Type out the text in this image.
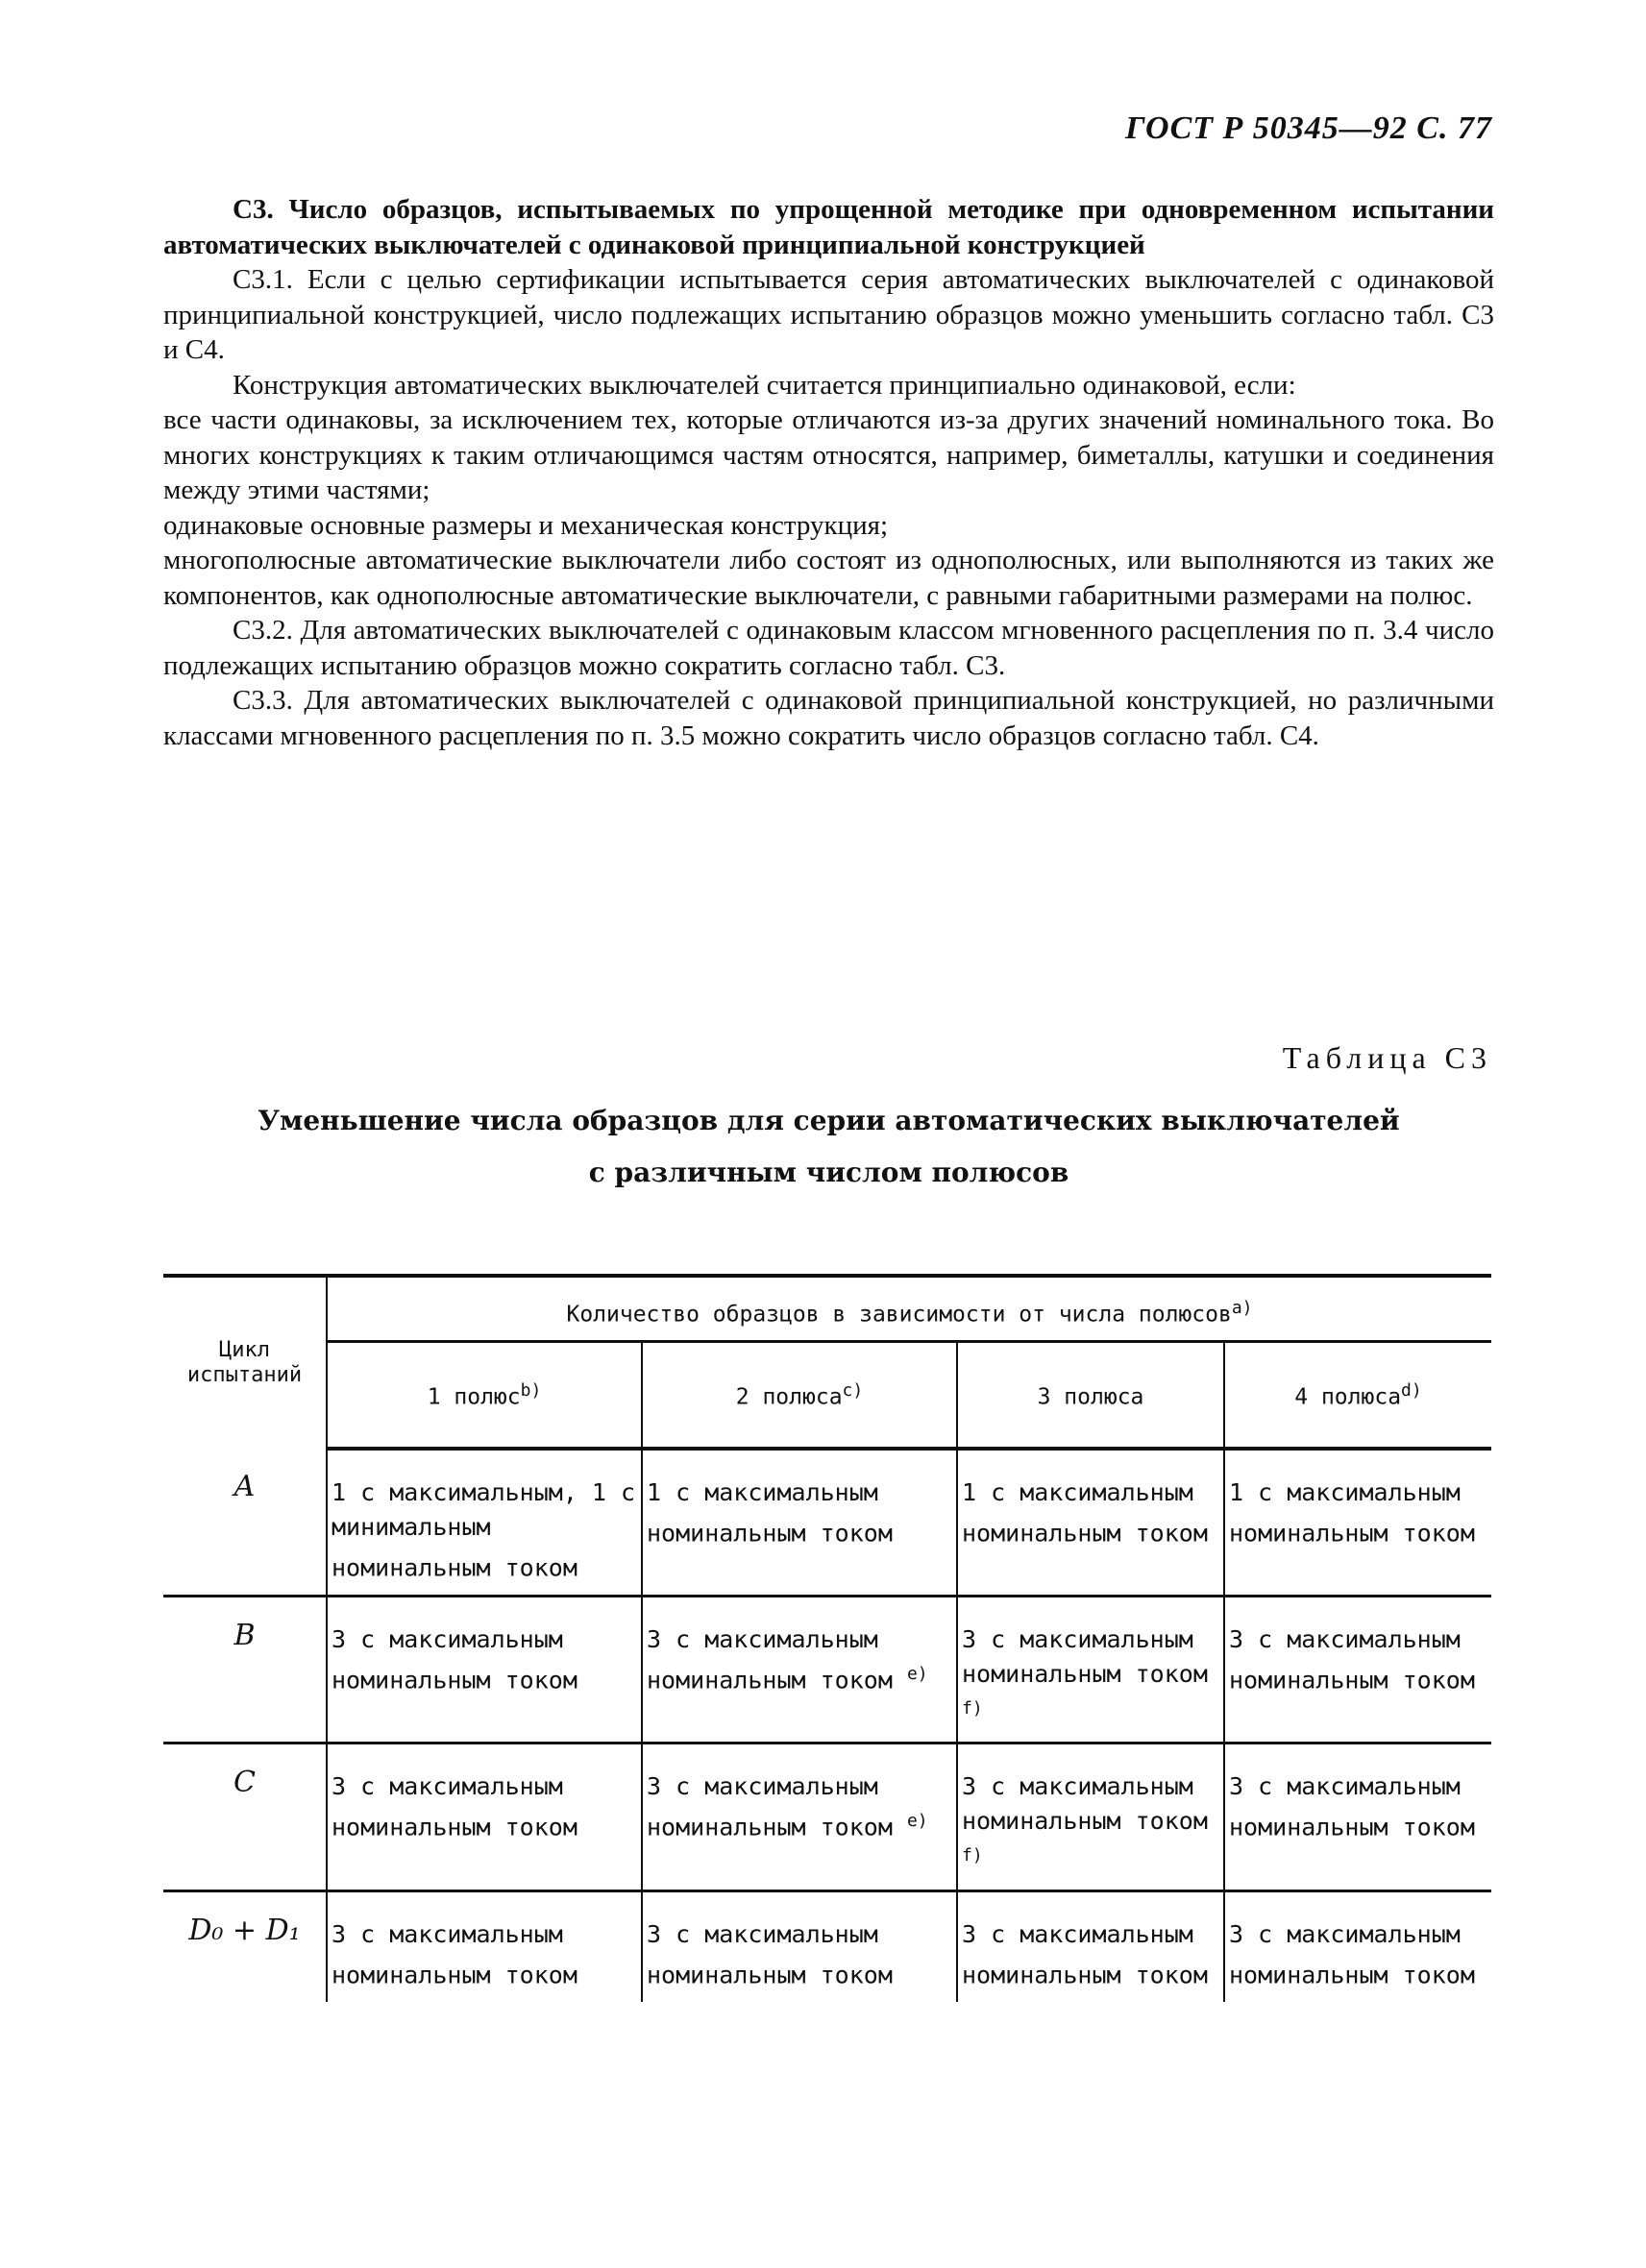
ГОСТ Р 50345—92 С. 77

С3. Число образцов, испытываемых по упрощенной методике при одновременном испытании автоматических выключателей с одинаковой принципиальной конструкцией

С3.1. Если с целью сертификации испытывается серия автоматических выключателей с одинаковой принципиальной конструкцией, число подлежащих испытанию образцов можно уменьшить согласно табл. С3 и С4.

Конструкция автоматических выключателей считается принципиально одинаковой, если:

все части одинаковы, за исключением тех, которые отличаются из-за других значений номинального тока. Во многих конструкциях к таким отличающимся частям относятся, например, биметаллы, катушки и соединения между этими частями;

одинаковые основные размеры и механическая конструкция;

многополюсные автоматические выключатели либо состоят из однополюсных, или выполняются из таких же компонентов, как однополюсные автоматические выключатели, с равными габаритными размерами на полюс.

С3.2. Для автоматических выключателей с одинаковым классом мгновенного расцепления по п. 3.4 число подлежащих испытанию образцов можно сократить согласно табл. С3.

С3.3. Для автоматических выключателей с одинаковой принципиальной конструкцией, но различными классами мгновенного расцепления по п. 3.5 можно сократить число образцов согласно табл. С4.

Таблица С3
Уменьшение числа образцов для серии автоматических выключателей
с различным числом полюсов
Цикл испытаний	Количество образцов в зависимости от числа полюсов$^{a)}$
	1 полюс$^{b)}$	2 полюса$^{c)}$	3 полюса	4 полюса$^{d)}$
A	1 с максимальным, 1 с минимальным номинальным током	1 с максимальным номинальным током	1 с максимальным номинальным током	1 с максимальным номинальным током
B	3 с максимальным номинальным током	3 с максимальным номинальным током $^{e)}$	3 с максимальным номинальным током $^{f)}$	3 с максимальным номинальным током
C	3 с максимальным номинальным током	3 с максимальным номинальным током $^{e)}$	3 с максимальным номинальным током $^{f)}$	3 с максимальным номинальным током
D₀ + D₁	3 с максимальным номинальным током	3 с максимальным номинальным током	3 с максимальным номинальным током	3 с максимальным номинальным током
